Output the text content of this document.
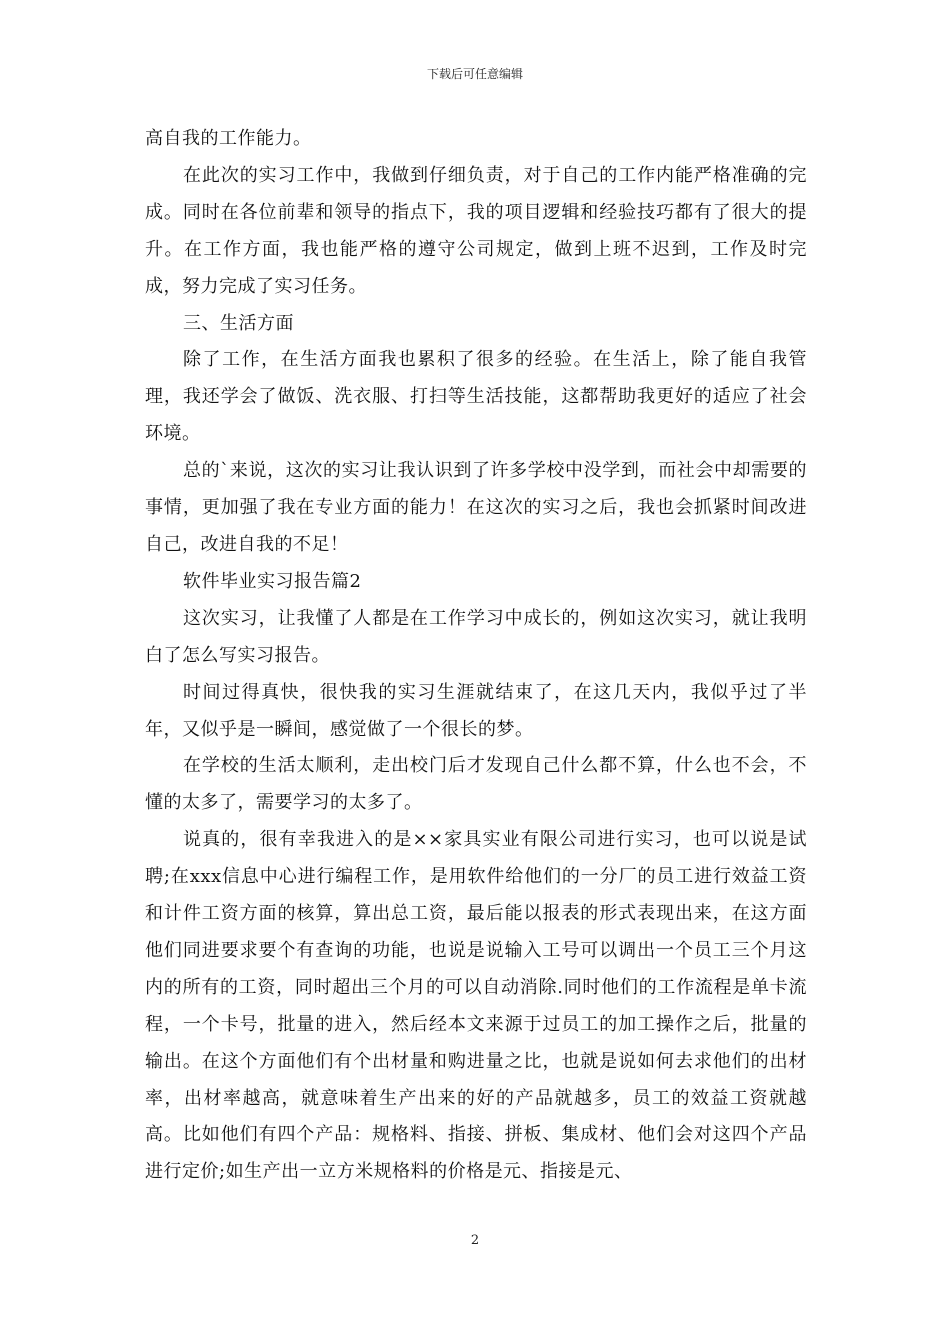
下载后可任意编辑

高自我的工作能力。

在此次的实习工作中，我做到仔细负责，对于自己的工作内能严格准确的完成。同时在各位前辈和领导的指点下，我的项目逻辑和经验技巧都有了很大的提升。在工作方面，我也能严格的遵守公司规定，做到上班不迟到，工作及时完成，努力完成了实习任务。

三、生活方面

除了工作，在生活方面我也累积了很多的经验。在生活上，除了能自我管理，我还学会了做饭、洗衣服、打扫等生活技能，这都帮助我更好的适应了社会环境。

总的`来说，这次的实习让我认识到了许多学校中没学到，而社会中却需要的事情，更加强了我在专业方面的能力！在这次的实习之后，我也会抓紧时间改进自己，改进自我的不足！

软件毕业实习报告篇2

这次实习，让我懂了人都是在工作学习中成长的，例如这次实习，就让我明白了怎么写实习报告。

时间过得真快，很快我的实习生涯就结束了，在这几天内，我似乎过了半年，又似乎是一瞬间，感觉做了一个很长的梦。

在学校的生活太顺利，走出校门后才发现自己什么都不算，什么也不会，不懂的太多了，需要学习的太多了。

说真的，很有幸我进入的是××家具实业有限公司进行实习，也可以说是试聘;在xxx信息中心进行编程工作，是用软件给他们的一分厂的员工进行效益工资和计件工资方面的核算，算出总工资，最后能以报表的形式表现出来，在这方面他们同进要求要个有查询的功能，也说是说输入工号可以调出一个员工三个月这内的所有的工资，同时超出三个月的可以自动消除.同时他们的工作流程是单卡流程，一个卡号，批量的进入，然后经本文来源于过员工的加工操作之后，批量的输出。在这个方面他们有个出材量和购进量之比，也就是说如何去求他们的出材率，出材率越高，就意味着生产出来的好的产品就越多，员工的效益工资就越高。比如他们有四个产品：规格料、指接、拼板、集成材、他们会对这四个产品进行定价;如生产出一立方米规格料的价格是元、指接是元、

2
